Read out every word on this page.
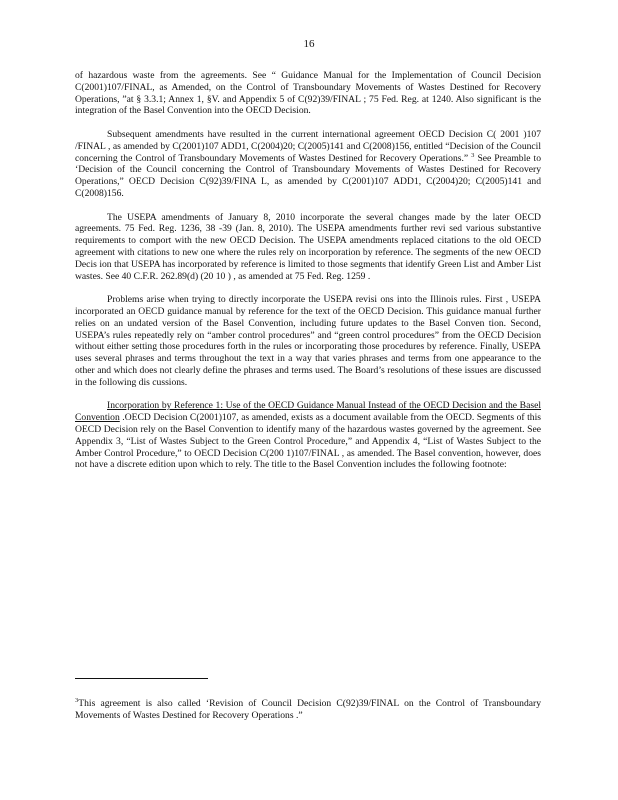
16

of hazardous waste from the agreements. See “ Guidance Manual for the Implementation of Council Decision C(2001)107/FINAL, as Amended, on the Control of Transboundary Movements of Wastes Destined for Recovery Operations, ”at § 3.3.1; Annex 1, §V. and Appendix 5 of C(92)39/FINAL ; 75 Fed. Reg. at 1240. Also significant is the integration of the Basel Convention into the OECD Decision.

Subsequent amendments have resulted in the current international agreement OECD Decision C( 2001 )107 /FINAL , as amended by C(2001)107 ADD1, C(2004)20; C(2005)141 and C(2008)156, entitled “Decision of the Council concerning the Control of Transboundary Movements of Wastes Destined for Recovery Operations.” $^3$ See Preamble to ‘Decision of the Council concerning the Control of Transboundary Movements of Wastes Destined for Recovery Operations,” OECD Decision C(92)39/FINA L, as amended by C(2001)107 ADD1, C(2004)20; C(2005)141 and C(2008)156.

The USEPA amendments of January 8, 2010 incorporate the several changes made by the later OECD agreements. 75 Fed. Reg. 1236, 38 -39 (Jan. 8, 2010). The USEPA amendments further revi sed various substantive requirements to comport with the new OECD Decision. The USEPA amendments replaced citations to the old OECD agreement with citations to new one where the rules rely on incorporation by reference. The segments of the new OECD Decis ion that USEPA has incorporated by reference is limited to those segments that identify Green List and Amber List wastes. See 40 C.F.R. 262.89(d) (20 10 ) , as amended at 75 Fed. Reg. 1259 .

Problems arise when trying to directly incorporate the USEPA revisi ons into the Illinois rules. First , USEPA incorporated an OECD guidance manual by reference for the text of the OECD Decision. This guidance manual further relies on an undated version of the Basel Convention, including future updates to the Basel Conven tion. Second, USEPA’s rules repeatedly rely on “amber control procedures” and “green control procedures” from the OECD Decision without either setting those procedures forth in the rules or incorporating those procedures by reference. Finally, USEPA uses several phrases and terms throughout the text in a way that varies phrases and terms from one appearance to the other and which does not clearly define the phrases and terms used. The Board’s resolutions of these issues are discussed in the following dis cussions.

Incorporation by Reference 1: Use of the OECD Guidance Manual Instead of the OECD Decision and the Basel Convention .OECD Decision C(2001)107, as amended, exists as a document available from the OECD. Segments of this OECD Decision rely on the Basel Convention to identify many of the hazardous wastes governed by the agreement. See Appendix 3, “List of Wastes Subject to the Green Control Procedure,” and Appendix 4, “List of Wastes Subject to the Amber Control Procedure,” to OECD Decision C(200 1)107/FINAL , as amended. The Basel convention, however, does not have a discrete edition upon which to rely. The title to the Basel Convention includes the following footnote:

$^3$This agreement is also called ‘Revision of Council Decision C(92)39/FINAL on the Control of Transboundary Movements of Wastes Destined for Recovery Operations .”
